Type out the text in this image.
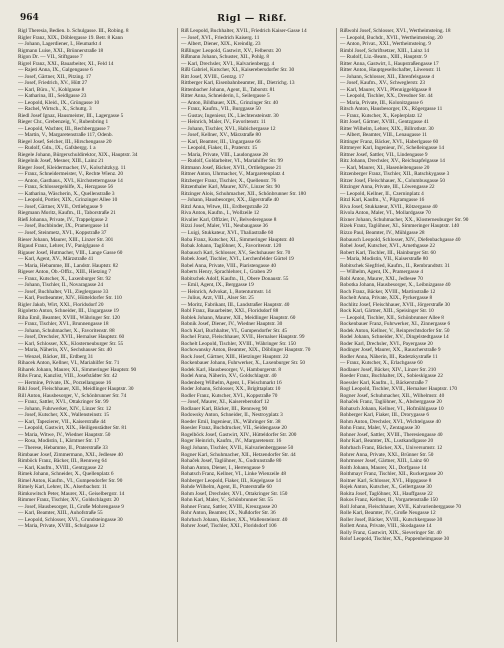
964	Rigl — Rißf.
Rigl Theresia, Bedien. b. Schulgasse. III., Robing. 8
Rigler Franz, XIX., Döblergasse 19. Betr. 8 Kann
— Johann, Lagerdiener, I., Heumarkt 4
Rigmann Luise, XXI., Brünnerstraße 18
Rigon Dr. — VII., Stiftgasse 7
Rigrel Franz, XXI., Bauarbeiter, XI., Feld 14
— Rajeti Anna, IX., Galgengasse 6
— Josef, Gärtner, XII., Pitzing. 17
— Josef, Friedrich, XV., Hütt 27
— Karl, Büro., V., Kohlgasse 8
— Katharina, III., Seidlgasse 23
— Leopold, Kleid., IX., Grüngasse 10
— Rachel, Wirtsch., X., Schuttg. 3
Riedl Josef Ignaz, Hausmeister, III., Lagergasse 5
Rieger Chr., Grebenzeig, V., Rubenbring 1
— Leopold, Wachter, III., Rechberggasse 7
— Martin, V., Margaretenstraße 117, Ödenb.
Riegel Josef, Selcher, III., Hirschengasse 20
— Rudolf, Gdn., IX., Gafsbergg. 1 a
Riegele Johann, Bürgerschuldirektor, XIX., Hauptstr. 34
Riegelnik Josef, Mesner, XIII., Lainz 21
Rieger Josef, Kleidermacher, IV., Kolschitzkyg. 11
— Franz, Schneidermeister, V., Rechte Wienz. 20
— Anton, Gasthaus., XVI., Kirchstetterngasse 14
— Franz, Schlossergehilfe, X., Herzgasse 56
— Katharina, Wäscherin, X., Quellenstraße 3
— Leopold, Portier, XIX., Grinzinger Allee 10
— Josef, Gärtner, XVII., Ortliebgasse 9
Riegmann Moritz, Kaufm., II., Taborstraße 21
Rieß Johanna, Private, IV., Trappelgasse 2
— Josef, Buchbinder, IX., Pramergasse 14
— Josef, Steinmetz, XVI., Koppstraße 37
Rieser Johann, Maurer, XIII., Linzer Str. 301
Rigaud Franz, Lehrer, IV., Paniglgasse 4
Rigauer Josef, Hutmacher, VIII., Lange Gasse 60
— Karl, Agent, XV., Märzstraße 41
— Maria, Hebamme, III., Landstr. Hauptstr. 82
Rigeser Anton, Ob.-Offiz., XIII., Hietzing 7
— Franz, Kutscher, X., Laxenburger Str. 92
— Johann, Tischler, II., Novaragasse 24
— Josef, Buchhalter, VII., Zieglergasse 33
— Karl, Postbeamter, XIV., Hütteldorfer Str. 110
Rigler Jakob, Wirt, XXI., Floridsdorf 20
Rigoletto Anton, Schneider, III., Ungargasse 19
Riha Emil, Beamter, XVIII., Währinger Str. 120
— Franz, Tischler, XVI., Brunnengasse 18
— Johann, Schuhmacher, X., Favoritenstr. 88
— Josef, Drechsler, XVII., Hernalser Hauptstr. 60
— Karl, Schlosser, XX., Klosterneuburger Str. 55
— Maria, Näherin, XV., Sechshauser Str. 40
— Wenzel, Bäcker, III., Erdberg 31
Rihacek Anton, Kellner, VI., Mariahilfer Str. 71
Riharek Johann, Maurer, XI., Simmeringer Hauptstr. 90
Rihs Franz, Kanzlist, VIII., Josefstädter Str. 42
— Hermine, Private, IX., Porzellangasse 16
Rikl Josef, Fleischhauer, XII., Meidlinger Hauptstr. 30
Rill Anton, Hausbesorger, V., Schönbrunner Str. 74
— Franz, Sattler, XVI., Ottakringer Str. 99
— Johann, Fuhrwerker, XIV., Linzer Str. 12
— Josef, Kutscher, XX., Wallensteinstr. 15
— Karl, Tapezierer, VII., Kaiserstraße 44
— Leopold, Gastwirt, XIX., Heiligenstädter Str. 81
— Maria, Witwe, IV., Wiedner Hauptstr. 50
— Rosa, Modistin, I., Kärntner Str. 17
— Therese, Hebamme, II., Praterstraße 33
Rimbauer Josef, Zimmermann, XXI., Jedlesee 40
Rimböck Franz, Bäcker, III., Rennweg 64
— Karl, Kaufm., XVIII., Gentzgasse 22
Rimek Johann, Schneider, X., Quellenplatz 6
Rimel Anton, Kaufm., VI., Gumpendorfer Str. 90
Rimely Karl, Lehrer, IX., Alserbachstr. 11
Rimkowitsch Peter, Maurer, XI., Geiselbergstr. 14
Rimmer Franz, Tischler, XV., Goldschlagstr. 20
— Josef, Hausbesorger, II., Große Mohrengasse 9
— Karl, Beamter, XIII., Auhofstraße 55
— Leopold, Schlosser, XVI., Grundsteingasse 30
— Maria, Private, XVIII., Schulgasse 12
Riß Leopold, Buchhalter, XVII., Friedrich Kaiser-Gasse 14
— Josef, XVI., Friedrich Kaiserg. 11
— Albert, Diener, XIX., Kreindlg. 23
Rißlinger Leopold, Gastwirt, XV., Felberstr. 20
Rißmann Johann, Schuster, XII., Pohlg. 8
— Karl, Drechsler, XVI., Kalvarienbergg. 4
Rißl Gabriel, Kutscher, XI., Kaiserebersdorfer Str. 30
Ritt Josef, XVIII., Gentzg. 17
Rittberger Karl, Eisenbahnbeamter, III., Dietrichg. 13
Rittenbacher Johann, Agent, II., Taborstr. 81
Ritter Anna, Schneiderin, I., Seilergasse 5
— Anton, Bildhauer, XIX., Grinzinger Str. 40
— Franz, Kaufm., VII., Burggasse 50
— Gustav, Ingenieur, IX., Liechtensteinstr. 30
— Heinrich, Maler, IV., Favoritenstr. 11
— Johann, Tischler, XVI., Habichergasse 12
— Josef, Kellner, XV., Märzstraße 80
— Karl, Beamter, III., Ungargasse 66
— Leopold, Fiaker, II., Praterstr. 15
— Maria, Private, VIII., Laudongasse 28
— Rudolf, Goldarbeiter, VI., Mariahilfer Str. 99
Rittmann Josef, Bäcker, XVII., Ortliebgasse 21
Rittner Anton, Uhrmacher, V., Margaretenplatz 4
Ritzberger Franz, Tischler, X., Quellenstr. 76
Ritzenthaler Karl, Maurer, XIV., Linzer Str. 90
Ritzinger Alois, Schuhmacher, XII., Schönbrunner Str. 180
— Johann, Hausbesorger, XX., Jägerstraße 40
Ritzl Anna, Witwe, III., Erdbergstraße 22
Riva Anton, Kaufm., I., Wollzeile 12
Rivalier Karl, Offizier, IV., Belvederegasse 8
Rizzi Josef, Maler, VII., Neubaugasse 36
— Luigi, Stukkateur, XVI., Thaliastraße 60
Roba Franz, Kutscher, XI., Simmeringer Hauptstr. 40
Robak Johann, Taglöhner, X., Favoritenstr. 120
Robausch Karl, Schlosser, XV., Sechshauser Str. 70
Robek Josef, Tischler, XVI., Lerchenfelder Gürtel 19
Robel Anna, Private, VIII., Piaristengasse 40
Roberts Henry, Sprachlehrer, I., Graben 29
Robitschek Adolf, Kaufm., II., Obere Donaustr. 55
— Emil, Agent, IX., Berggasse 19
— Heinrich, Advokat, I., Rotenturmstr. 14
— Julius, Arzt, VIII., Alser Str. 25
— Moritz, Fabrikant, III., Landstraßer Hauptstr. 40
Robl Franz, Bauarbeiter, XXI., Floridsdorf 88
Roblek Johann, Maurer, XII., Meidlinger Hauptstr. 60
Robnik Josef, Diener, IV., Wiedner Hauptstr. 30
Roch Karl, Buchhalter, VI., Gumpendorfer Str. 45
Rochel Franz, Fleischhauer, XVII., Hernalser Hauptstr. 99
Rochelt Leopold, Tischler, XVIII., Währinger Str. 150
Rochowansky Anton, Beamter, XIX., Döblinger Hauptstr. 70
Rock Josef, Gärtner, XIII., Hietzinger Hauptstr. 22
Rockenbauer Johann, Fuhrwerker, X., Laxenburger Str. 50
Rodek Karl, Hausbesorger, V., Hamburgerstr. 8
Rodel Anna, Näherin, XV., Goldschlagstr. 40
Rodenberg Wilhelm, Agent, I., Fleischmarkt 16
Roder Johann, Schlosser, XX., Brigittaplatz 10
Rodler Franz, Kutscher, XVI., Koppstraße 70
— Josef, Maurer, XI., Kaiserebersdorf 12
Rodlauer Karl, Bäcker, III., Rennweg 90
Rodowsky Anton, Schneider, II., Nestroyplatz 3
Roeder Emil, Ingenieur, IX., Währinger Str. 38
Roesler Franz, Buchdrucker, VII., Seidengasse 20
Rogelböck Josef, Gastwirt, XIV., Hütteldorfer Str. 200
Roger Heinrich, Kaufm., IV., Margaretenstr. 16
Rogl Johann, Tischler, XVII., Kalvarienberggasse 50
Rogner Karl, Schuhmacher, XII., Hetzendorfer Str. 44
Rohaček Josef, Taglöhner, X., Gudrunstraße 80
Rohan Anton, Diener, I., Herrengasse 9
Rohatsch Franz, Kellner, VI., Linke Wienzeile 48
Rohberger Leopold, Fiaker, III., Kegelgasse 14
Rohde Wilhelm, Agent, II., Praterstraße 60
Rohm Josef, Drechsler, XVI., Ottakringer Str. 150
Rohn Karl, Maler, V., Schönbrunner Str. 55
Rohner Franz, Sattler, XVIII., Kreuzgasse 20
Rohr Anton, Beamter, IX., Nußdorfer Str. 36
Rohrbach Johann, Bäcker, XX., Wallensteinstr. 40
Rohrer Josef, Tischler, XXI., Floridsdorf 106
Rißwohl Josef, Schlosser, XVI., Wertheimsteing. 18
— Leopold, Buchdr., XVII., Wertheimsteing. 20
— Anton, Privat., XXI., Wertheimsteing. 9
Rimbl Josef, Schriftsetzer, XIII., Lainz 14
— Rudolf, Liz.-Beam., XIII., Hauptstr. 9
Ritter Anna, Gastwirt, I., Haupstraßengasse 17
Ritter Anton, Hauptgesellschafter, Löwenstr. 11
— Johann, Schlosser, XII., Ehrenfelsgasse 4
— Josef, Kaufm., XV., Schweglerstr. 23
— Karl, Maurer, XVI., Pfenniggeldgasse 8
— Leopold, Tischler, XX., Dresdner Str. 44
— Maria, Private, III., Kolonitzgasse 6
Ritsch Anton, Hausbesorger, IX., Rögergasse 11
— Franz, Kutscher, X., Keplerplatz 12
Ritt Josef, Gärtner, XVIII., Gentzgasse 41
Ritter Wilhelm, Lehrer, XIX., Billrothstr. 30
— Albert, Beamter, VIII., Lenaugasse 11
Rittinger Franz, Bäcker, XVI., Haberlgasse 60
Rittmeyer Karl, Ingenieur, IV., Schelleingasse 14
Rittner Josef, Sattler, VII., Lindengasse 9
Ritz Johann, Drechsler, XV., Reichsapfelgasse 14
— Karl, Maurer, XI., Hasenleitengasse 20
Ritzenberger Franz, Tischler, XII., Ratschkygasse 3
Ritzer Josef, Fleischhauer, X., Columbusgasse 50
Ritzinger Anna, Private, III., Löwengasse 22
— Leopold, Kellner, II., Czerninplatz 4
Ritzl Karl, Kaufm., V., Pilgramgasse 16
Riva Josef, Stukkateur, XVII., Rötzergasse 40
Rivola Anton, Maler, VI., Mollardgasse 70
Rixner Johann, Schuhmacher, XX., Klosterneuburger Str. 90
Rizek Franz, Taglöhner, XI., Simmeringer Hauptstr. 140
Rizzo Paul, Beamter, IV., Mühlgasse 28
Robausch Leopold, Schlosser, XIV., Diefenbachgasse 40
Robel Josef, Kutscher, XVI., Arnethgasse 22
Robert Karl, Tischler, III., Hainburger Str. 60
— Maria, Modistin, VII., Kaiserstraße 80
Robitschek Siegfried, Kaufm., II., Rembrandtstr. 31
— Wilhelm, Agent, IX., Pramergasse 4
Robl Anton, Maurer, XXI., Jedlesee 70
Robotka Johann, Hausbesorger, X., Leibnizgasse 40
Roch Franz, Bäcker, XVIII., Martinstraße 12
Rochelt Anna, Private, XIX., Pyrkergasse 8
Rochlitz Josef, Fleischhauer, XVII., Jörgerstraße 30
Rock Karl, Gärtner, XIII., Speisinger Str. 10
— Leopold, Tischler, XII., Schönbrunner Allee 8
Rockenbauer Franz, Fuhrwerker, XI., Zinnergasse 6
Rodek Anton, Kellner, V., Reinprechtsdorfer Str. 50
Rodel Johann, Schneider, XV., Dingelstedtgasse 14
Roder Karl, Drechsler, XVI., Payergasse 20
Rodinger Josef, Maurer, XX., Rauscherstraße 9
Rodler Anna, Näherin, III., Radetzkystraße 11
— Franz, Kutscher, X., Erlachgasse 60
Rodlauer Josef, Bäcker, XIV., Linzer Str. 210
Roeder Franz, Buchhalter, IX., Sobieskigasse 22
Roessler Karl, Kaufm., I., Bäckerstraße 7
Rogl Leopold, Tischler, XVII., Hernalser Hauptstr. 170
Rogner Josef, Schuhmacher, XII., Wilhelmstr. 40
Rohaček Franz, Taglöhner, X., Absberggasse 20
Rohatsch Johann, Kellner, VI., Hofmühlgasse 10
Rohberger Karl, Fiaker, III., Drorygasse 6
Rohm Anton, Drechsler, XVI., Wichtelgasse 40
Rohn Franz, Maler, V., Zentagasse 30
Rohner Josef, Sattler, XVIII., Theresiengasse 40
Rohr Karl, Beamter, IX., Lustkandlgasse 20
Rohrbach Franz, Bäcker, XX., Universumstr. 12
Rohrer Anna, Private, XXI., Brünner Str. 50
Rohrmoser Josef, Gärtner, XIII., Lainz 60
Roith Johann, Maurer, XI., Dorfgasse 14
Roithmayr Franz, Tischler, XII., Ruckergasse 20
Roitner Karl, Schlosser, XVI., Hippgasse 8
Rojek Anton, Kutscher, X., Gellertgasse 30
Rokita Josef, Taglöhner, XI., Hauffgasse 22
Rokos Franz, Kellner, II., Vorgartenstraße 150
Roll Johann, Fleischhauer, XVII., Kalvarienberggasse 70
Rolle Karl, Beamter, IV., Große Neugasse 12
Roller Josef, Bäcker, XVIII., Kutschkergasse 30
Rollett Anna, Private, VIII., Skodagasse 14
Rolly Franz, Gastwirt, XIX., Sieveringer Str. 40
Rolof Leopold, Tischler, XX., Pappenheimgasse 30
